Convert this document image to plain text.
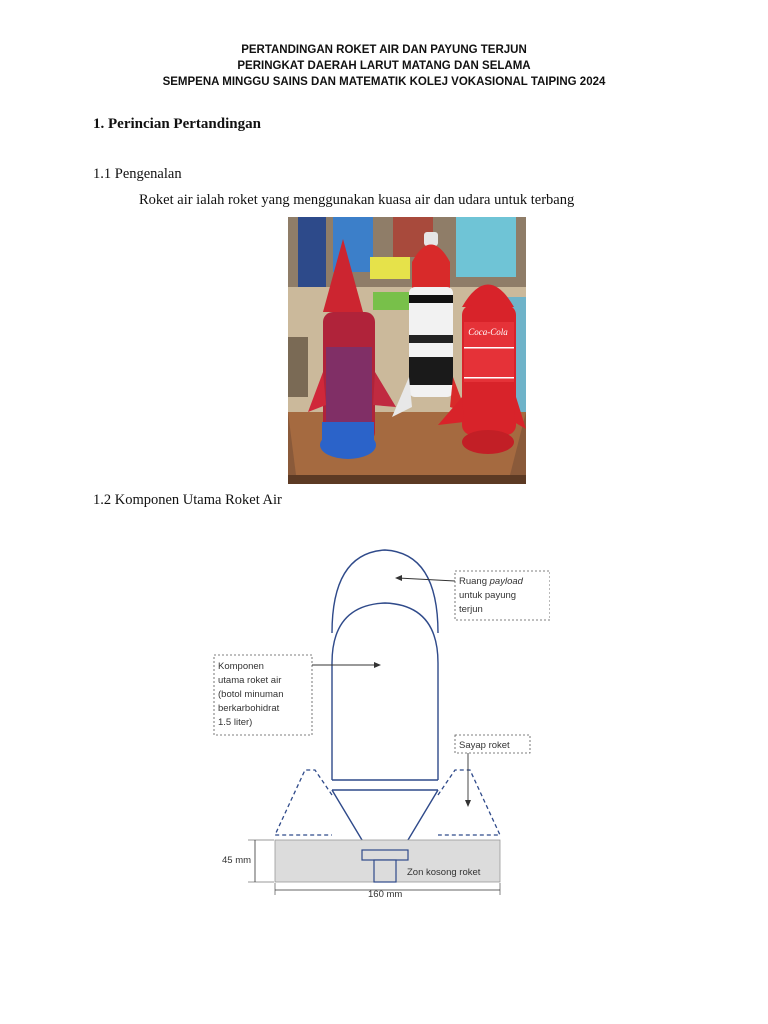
PERTANDINGAN ROKET AIR DAN PAYUNG TERJUN
PERINGKAT DAERAH LARUT MATANG DAN SELAMA
SEMPENA MINGGU SAINS DAN MATEMATIK KOLEJ VOKASIONAL TAIPING 2024
1. Perincian Pertandingan
1.1 Pengenalan
Roket air ialah roket yang menggunakan kuasa air dan udara untuk terbang
Coca-Cola
1.2 Komponen Utama Roket Air
Ruang payload
untuk payung
terjun
Komponen
utama roket air
(botol minuman
berkarbohidrat
1.5 liter)
Sayap roket
Zon kosong roket
45 mm
160 mm
